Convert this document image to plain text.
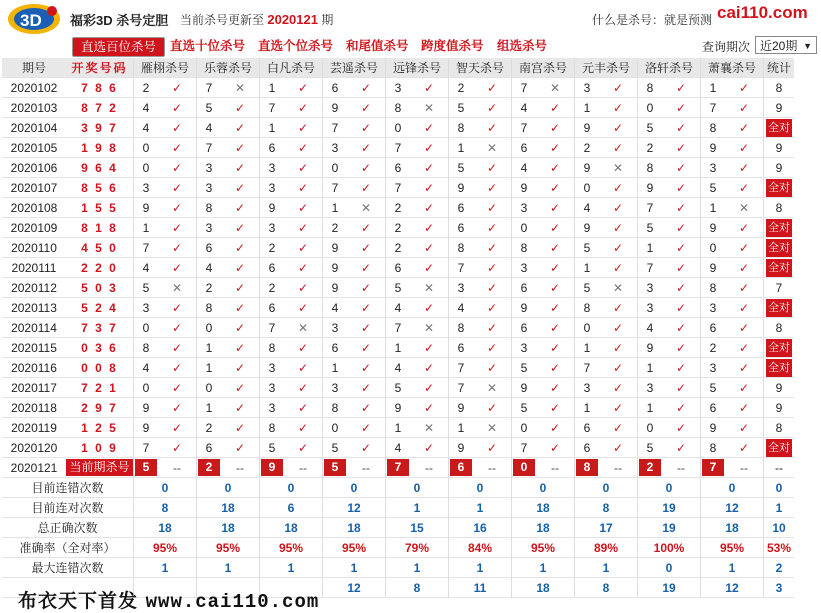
3D 福彩3D 杀号定胆 当前杀号更新至 2020121 期	什么是杀号：就是预测 cai110.com
直选百位杀号	直选十位杀号 直选个位杀号 和尾值杀号 跨度值杀号 组选杀号	查询期次 近20期 ▼
期号	开奖号码	雁栩杀号		乐蓉杀号		白凡杀号		芸遥杀号		远锋杀号		智天杀号		南宫杀号		元丰杀号		洛轩杀号		萧襄杀号		统计
2020102	7 8 6	2	✓	7	✕	1	✓	6	✓	3	✓	2	✓	7	✕	3	✓	8	✓	1	✓	8
2020103	8 7 2	4	✓	5	✓	7	✓	9	✓	8	✕	5	✓	4	✓	1	✓	0	✓	7	✓	9
2020104	3 9 7	4	✓	4	✓	1	✓	7	✓	0	✓	8	✓	7	✓	9	✓	5	✓	8	✓	全对
2020105	1 9 8	0	✓	7	✓	6	✓	3	✓	7	✓	1	✕	6	✓	2	✓	2	✓	9	✓	9
2020106	9 6 4	0	✓	3	✓	3	✓	0	✓	6	✓	5	✓	4	✓	9	✕	8	✓	3	✓	9
2020107	8 5 6	3	✓	3	✓	3	✓	7	✓	7	✓	9	✓	9	✓	0	✓	9	✓	5	✓	全对
2020108	1 5 5	9	✓	8	✓	9	✓	1	✕	2	✓	6	✓	3	✓	4	✓	7	✓	1	✕	8
2020109	8 1 8	1	✓	3	✓	3	✓	2	✓	2	✓	6	✓	0	✓	9	✓	5	✓	9	✓	全对
2020110	4 5 0	7	✓	6	✓	2	✓	9	✓	2	✓	8	✓	8	✓	5	✓	1	✓	0	✓	全对
2020111	2 2 0	4	✓	4	✓	6	✓	9	✓	6	✓	7	✓	3	✓	1	✓	7	✓	9	✓	全对
2020112	5 0 3	5	✕	2	✓	2	✓	9	✓	5	✕	3	✓	6	✓	5	✕	3	✓	8	✓	7
2020113	5 2 4	3	✓	8	✓	6	✓	4	✓	4	✓	4	✓	9	✓	8	✓	3	✓	3	✓	全对
2020114	7 3 7	0	✓	0	✓	7	✕	3	✓	7	✕	8	✓	6	✓	0	✓	4	✓	6	✓	8
2020115	0 3 6	8	✓	1	✓	8	✓	6	✓	1	✓	6	✓	3	✓	1	✓	9	✓	2	✓	全对
2020116	0 0 8	4	✓	1	✓	3	✓	1	✓	4	✓	7	✓	5	✓	7	✓	1	✓	3	✓	全对
2020117	7 2 1	0	✓	0	✓	3	✓	3	✓	5	✓	7	✕	9	✓	3	✓	3	✓	5	✓	9
2020118	2 9 7	9	✓	1	✓	3	✓	8	✓	9	✓	9	✓	5	✓	1	✓	1	✓	6	✓	9
2020119	1 2 5	9	✓	2	✓	8	✓	0	✓	1	✕	1	✕	0	✓	6	✓	0	✓	9	✓	8
2020120	1 0 9	7	✓	6	✓	5	✓	5	✓	4	✓	9	✓	7	✓	6	✓	5	✓	8	✓	全对
2020121	当前期杀号	5	--	2	--	9	--	5	--	7	--	6	--	0	--	8	--	2	--	7	--	--
目前连错次数		0		0		0		0		0		0		0		0		0		0		0
目前连对次数		8		18		6		12		1		1		18		8		19		12		1
总正确次数		18		18		18		18		15		16		18		17		19		18		10
准确率（全对率）		95%		95%		95%		95%		79%		84%		95%		89%		100%		95%		53%
最大连错次数		1		1		1		1		1		1		1		1		0		1		2
								12		8		11		18		8		19		12		3
布衣天下首发 www.cai110.com
